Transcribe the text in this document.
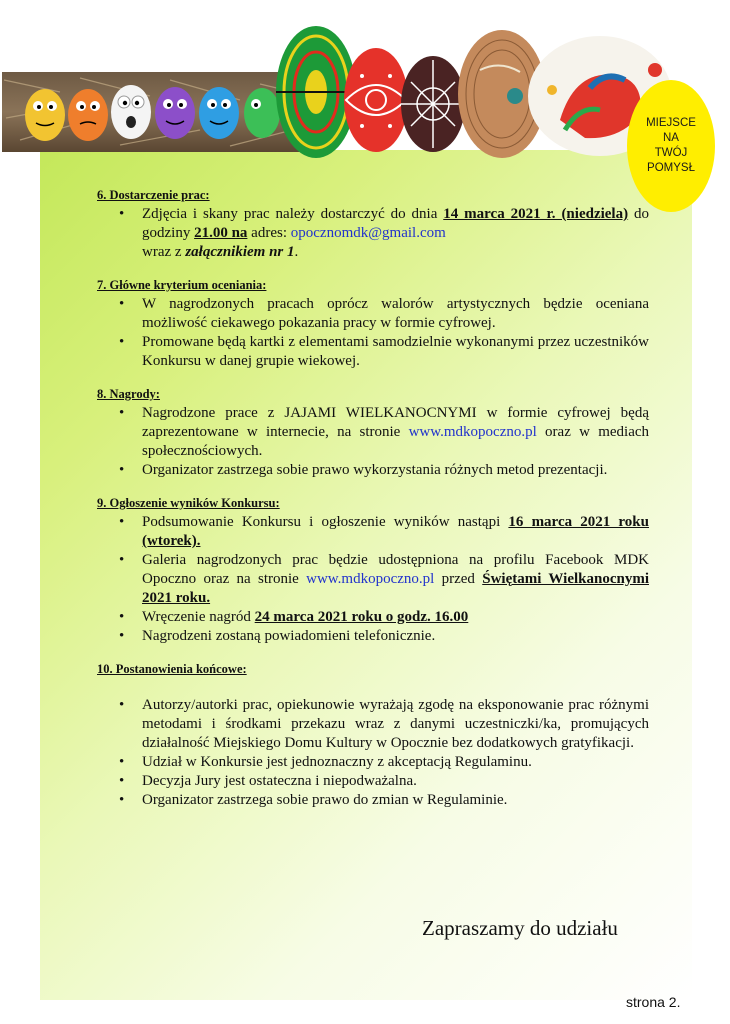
MIEJSCE
NA
TWÓJ
POMYSŁ
6. Dostarczenie prac:
• Zdjęcia i skany prac należy dostarczyć do dnia 14 marca 2021 r. (niedziela) do godziny 21.00 na adres: opocznomdk@gmail.com
wraz z załącznikiem nr 1.
7. Główne kryterium oceniania:
• W nagrodzonych pracach oprócz walorów artystycznych będzie oceniana możliwość ciekawego pokazania pracy w formie cyfrowej.
• Promowane będą kartki z elementami samodzielnie wykonanymi przez uczestników Konkursu w danej grupie wiekowej.
8. Nagrody:
• Nagrodzone prace z JAJAMI WIELKANOCNYMI w formie cyfrowej będą zaprezentowane w internecie, na stronie www.mdkopoczno.pl oraz w mediach społecznościowych.
• Organizator zastrzega sobie prawo wykorzystania różnych metod prezentacji.
9. Ogłoszenie wyników Konkursu:
• Podsumowanie Konkursu i ogłoszenie wyników nastąpi 16 marca 2021 roku (wtorek).
• Galeria nagrodzonych prac będzie udostępniona na profilu Facebook MDK Opoczno oraz na stronie www.mdkopoczno.pl przed Świętami Wielkanocnymi 2021 roku.
• Wręczenie nagród 24 marca 2021 roku o godz. 16.00
• Nagrodzeni zostaną powiadomieni telefonicznie.
10. Postanowienia końcowe:
• Autorzy/autorki prac, opiekunowie wyrażają zgodę na eksponowanie prac różnymi metodami i środkami przekazu wraz z danymi uczestniczki/ka, promujących działalność Miejskiego Domu Kultury w Opocznie bez dodatkowych gratyfikacji.
• Udział w Konkursie jest jednoznaczny z akceptacją Regulaminu.
• Decyzja Jury jest ostateczna i niepodważalna.
• Organizator zastrzega sobie prawo do zmian w Regulaminie.
Zapraszamy do udziału
strona 2.
